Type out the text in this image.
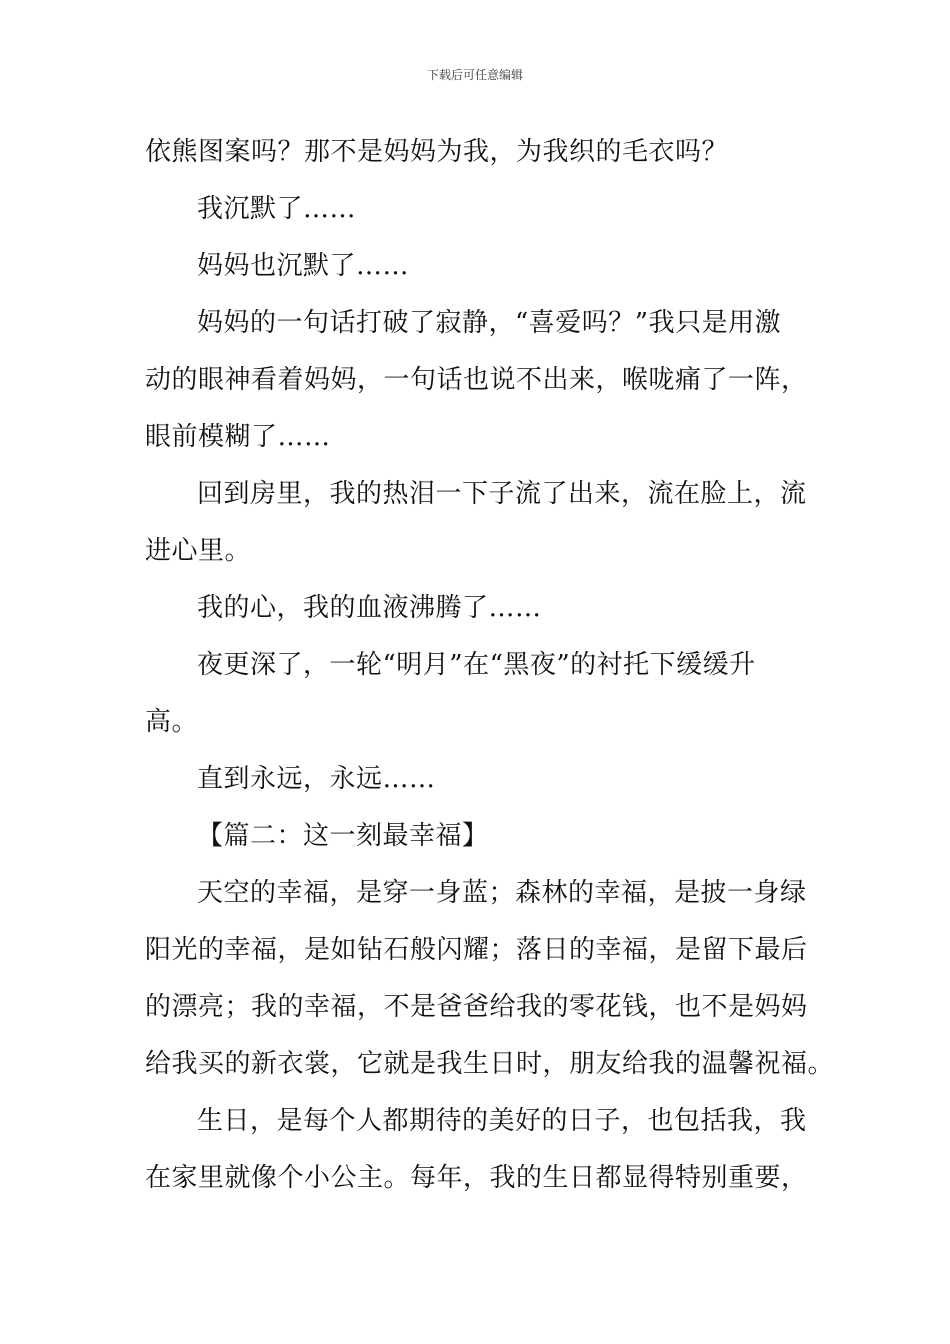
下载后可任意编辑
依熊图案吗？那不是妈妈为我，为我织的毛衣吗？
我沉默了……
妈妈也沉默了……
妈妈的一句话打破了寂静，“喜爱吗？”我只是用激
动的眼神看着妈妈，一句话也说不出来，喉咙痛了一阵，
眼前模糊了……
回到房里，我的热泪一下子流了出来，流在脸上，流
进心里。
我的心，我的血液沸腾了……
夜更深了，一轮“明月”在“黑夜”的衬托下缓缓升
高。
直到永远，永远……
【篇二：这一刻最幸福】
天空的幸福，是穿一身蓝；森林的幸福，是披一身绿
阳光的幸福，是如钻石般闪耀；落日的幸福，是留下最后
的漂亮；我的幸福，不是爸爸给我的零花钱，也不是妈妈
给我买的新衣裳，它就是我生日时，朋友给我的温馨祝福。
生日，是每个人都期待的美好的日子，也包括我，我
在家里就像个小公主。每年，我的生日都显得特别重要，
